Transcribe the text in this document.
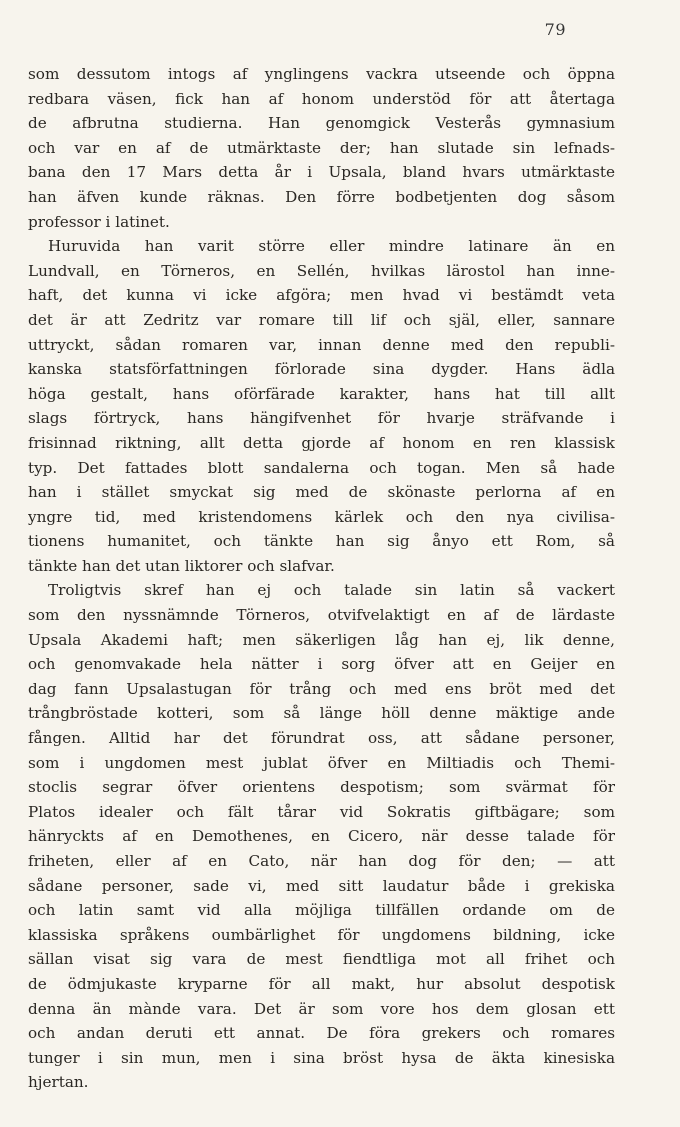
79
som dessutom intogs af ynglingens vackra utseende och öppna
redbara väsen, fick han af honom understöd för att återtaga
de afbrutna studierna. Han genomgick Vesterås gymnasium
och var en af de utmärktaste der; han slutade sin lefnads-
bana den 17 Mars detta år i Upsala, bland hvars utmärktaste
han äfven kunde räknas. Den förre bodbetjenten dog såsom
professor i latinet.
Huruvida han varit större eller mindre latinare än en
Lundvall, en Törneros, en Sellén, hvilkas lärostol han inne-
haft, det kunna vi icke afgöra; men hvad vi bestämdt veta
det är att Zedritz var romare till lif och själ, eller, sannare
uttryckt, sådan romaren var, innan denne med den republi-
kanska statsförfattningen förlorade sina dygder. Hans ädla
höga gestalt, hans oförfärade karakter, hans hat till allt
slags förtryck, hans hängifvenhet för hvarje sträfvande i
frisinnad riktning, allt detta gjorde af honom en ren klassisk
typ. Det fattades blott sandalerna och togan. Men så hade
han i stället smyckat sig med de skönaste perlorna af en
yngre tid, med kristendomens kärlek och den nya civilisa-
tionens humanitet, och tänkte han sig ånyo ett Rom, så
tänkte han det utan liktorer och slafvar.
Troligtvis skref han ej och talade sin latin så vackert
som den nyssnämnde Törneros, otvifvelaktigt en af de lärdaste
Upsala Akademi haft; men säkerligen låg han ej, lik denne,
och genomvakade hela nätter i sorg öfver att en Geijer en
dag fann Upsalastugan för trång och med ens bröt med det
trångbröstade kotteri, som så länge höll denne mäktige ande
fången. Alltid har det förundrat oss, att sådane personer,
som i ungdomen mest jublat öfver en Miltiadis och Themi-
stoclis segrar öfver orientens despotism; som svärmat för
Platos idealer och fält tårar vid Sokratis giftbägare; som
hänryckts af en Demothenes, en Cicero, när desse talade för
friheten, eller af en Cato, när han dog för den; — att
sådane personer, sade vi, med sitt laudatur både i grekiska
och latin samt vid alla möjliga tillfällen ordande om de
klassiska språkens oumbärlighet för ungdomens bildning, icke
sällan visat sig vara de mest fiendtliga mot all frihet och
de ödmjukaste kryparne för all makt, hur absolut despotisk
denna än mànde vara. Det är som vore hos dem glosan ett
och andan deruti ett annat. De föra grekers och romares
tunger i sin mun, men i sina bröst hysa de äkta kinesiska
hjertan.
